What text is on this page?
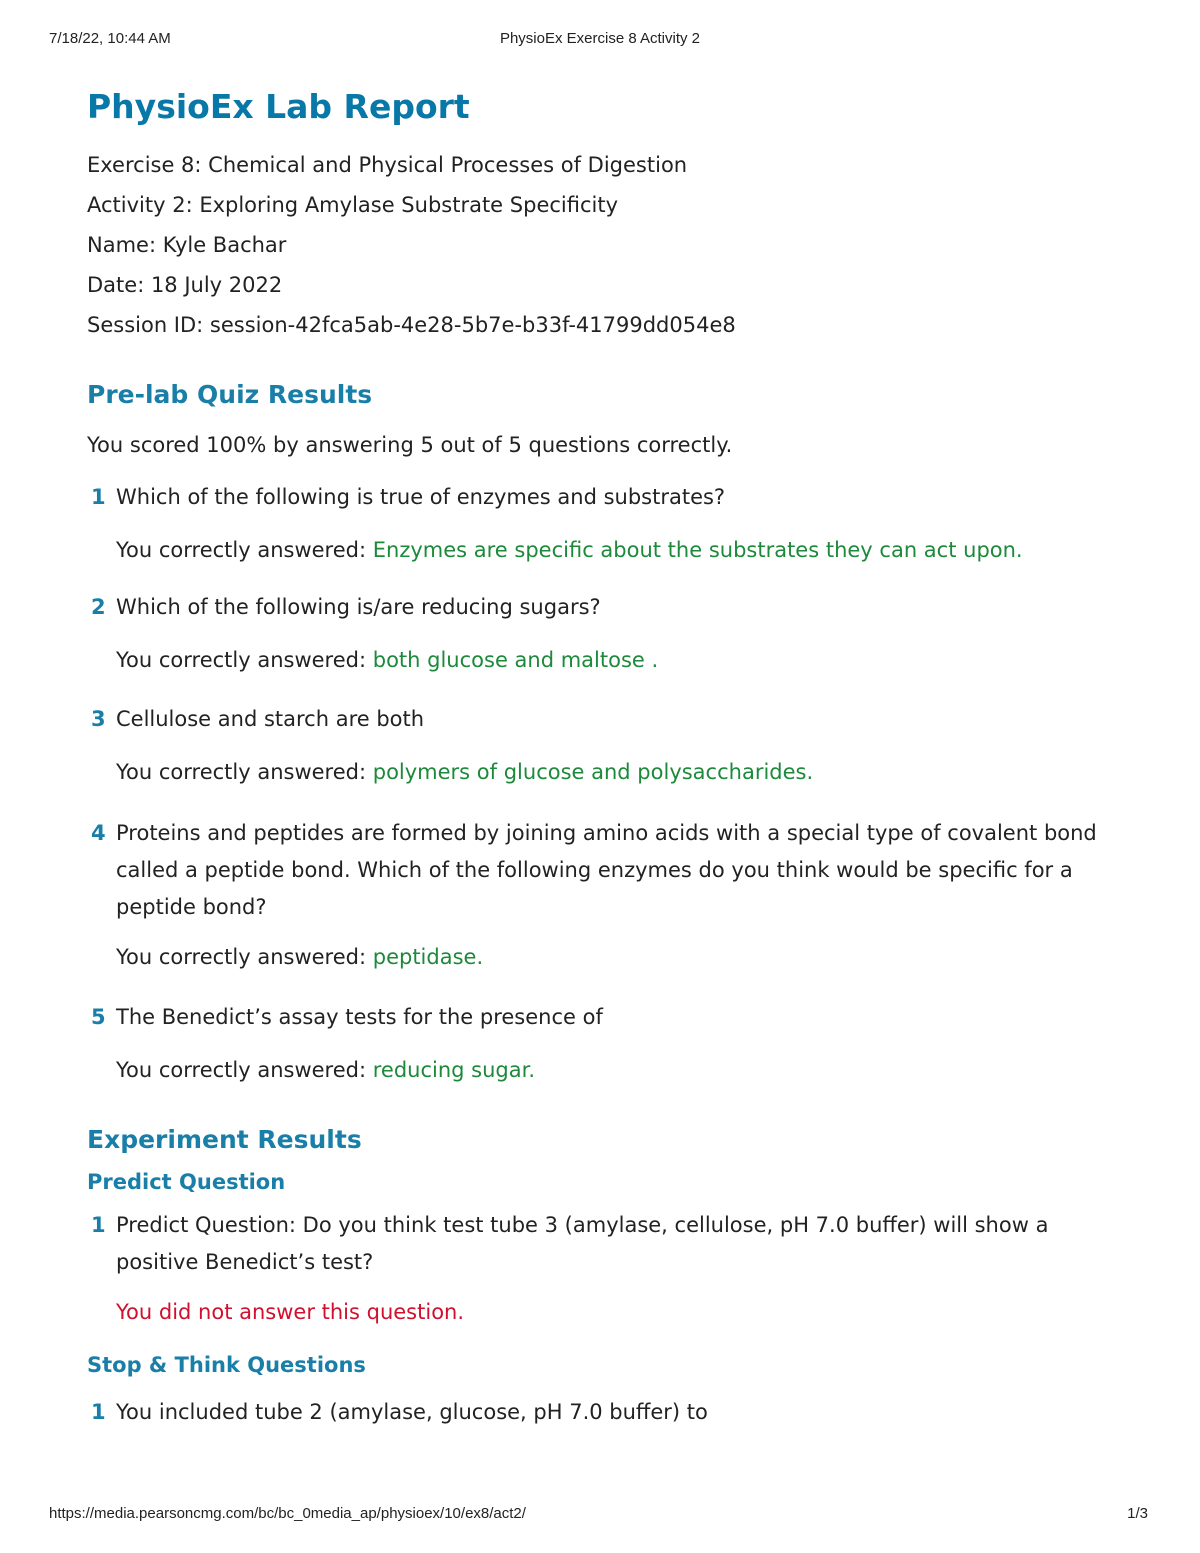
7/18/22, 10:44 AM	PhysioEx Exercise 8 Activity 2
PhysioEx Lab Report

Exercise 8: Chemical and Physical Processes of Digestion

Activity 2: Exploring Amylase Substrate Specificity

Name: Kyle Bachar

Date: 18 July 2022

Session ID: session-42fca5ab-4e28-5b7e-b33f-41799dd054e8

Pre-lab Quiz Results

You scored 100% by answering 5 out of 5 questions correctly.

1 Which of the following is true of enzymes and substrates?
You correctly answered: Enzymes are specific about the substrates they can act upon.
2 Which of the following is/are reducing sugars?
You correctly answered: both glucose and maltose .
3 Cellulose and starch are both
You correctly answered: polymers of glucose and polysaccharides.
4 Proteins and peptides are formed by joining amino acids with a special type of covalent bond called a peptide bond. Which of the following enzymes do you think would be specific for a peptide bond?
You correctly answered: peptidase.
5 The Benedict’s assay tests for the presence of
You correctly answered: reducing sugar.
Experiment Results
Predict Question
1 Predict Question: Do you think test tube 3 (amylase, cellulose, pH 7.0 buffer) will show a positive Benedict’s test?
You did not answer this question.
Stop & Think Questions
1 You included tube 2 (amylase, glucose, pH 7.0 buffer) to
https://media.pearsoncmg.com/bc/bc_0media_ap/physioex/10/ex8/act2/	1/3
